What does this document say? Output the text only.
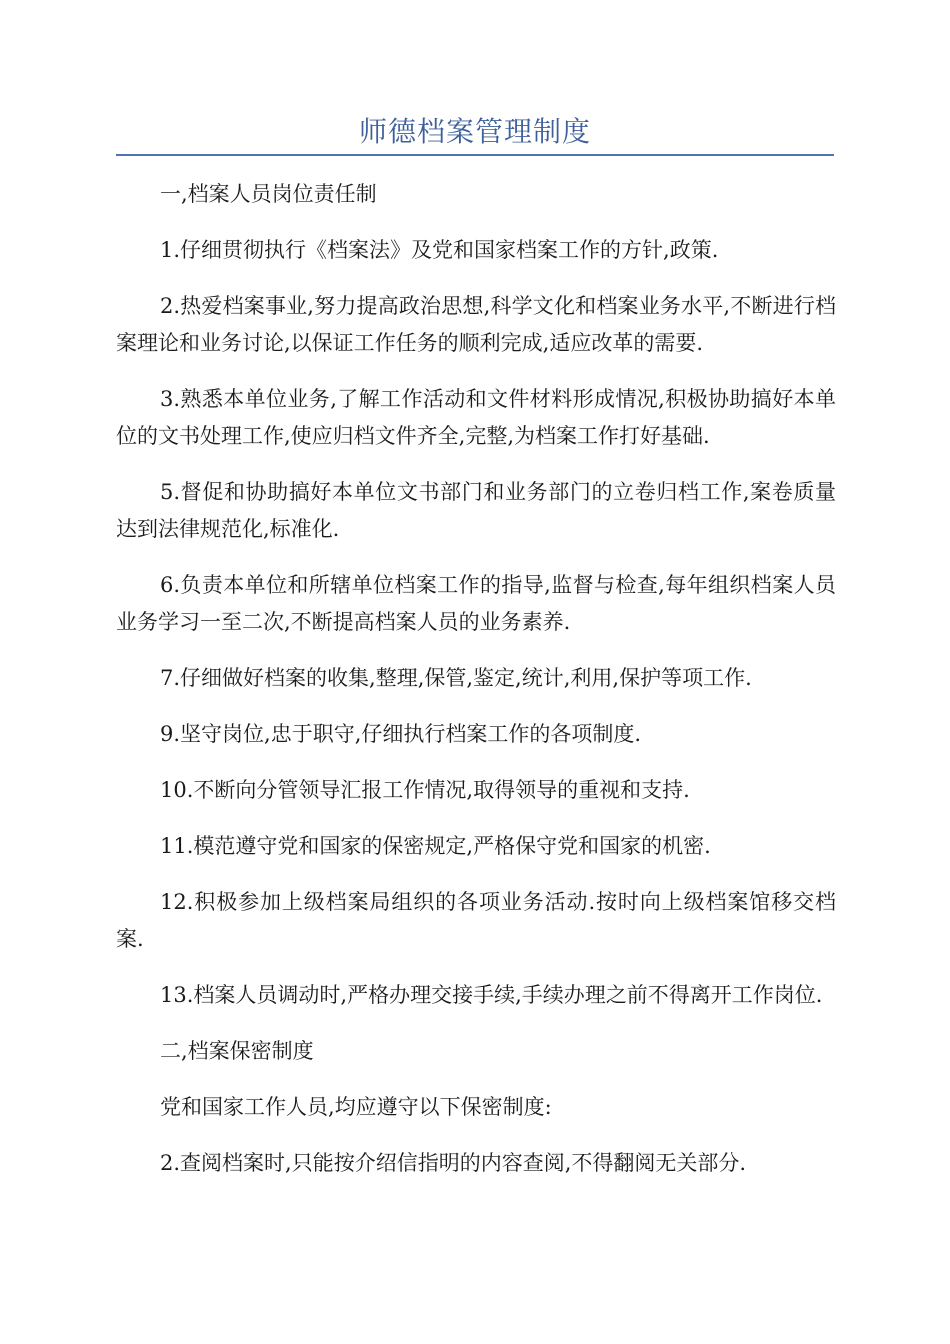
师德档案管理制度

一,档案人员岗位责任制

1.仔细贯彻执行《档案法》及党和国家档案工作的方针,政策.

2.热爱档案事业,努力提高政治思想,科学文化和档案业务水平,不断进行档案理论和业务讨论,以保证工作任务的顺利完成,适应改革的需要.

3.熟悉本单位业务,了解工作活动和文件材料形成情况,积极协助搞好本单位的文书处理工作,使应归档文件齐全,完整,为档案工作打好基础.

5.督促和协助搞好本单位文书部门和业务部门的立卷归档工作,案卷质量达到法律规范化,标准化.

6.负责本单位和所辖单位档案工作的指导,监督与检查,每年组织档案人员业务学习一至二次,不断提高档案人员的业务素养.

7.仔细做好档案的收集,整理,保管,鉴定,统计,利用,保护等项工作.

9.坚守岗位,忠于职守,仔细执行档案工作的各项制度.

10.不断向分管领导汇报工作情况,取得领导的重视和支持.

11.模范遵守党和国家的保密规定,严格保守党和国家的机密.

12.积极参加上级档案局组织的各项业务活动.按时向上级档案馆移交档案.

13.档案人员调动时,严格办理交接手续,手续办理之前不得离开工作岗位.

二,档案保密制度

党和国家工作人员,均应遵守以下保密制度:

2.查阅档案时,只能按介绍信指明的内容查阅,不得翻阅无关部分.
